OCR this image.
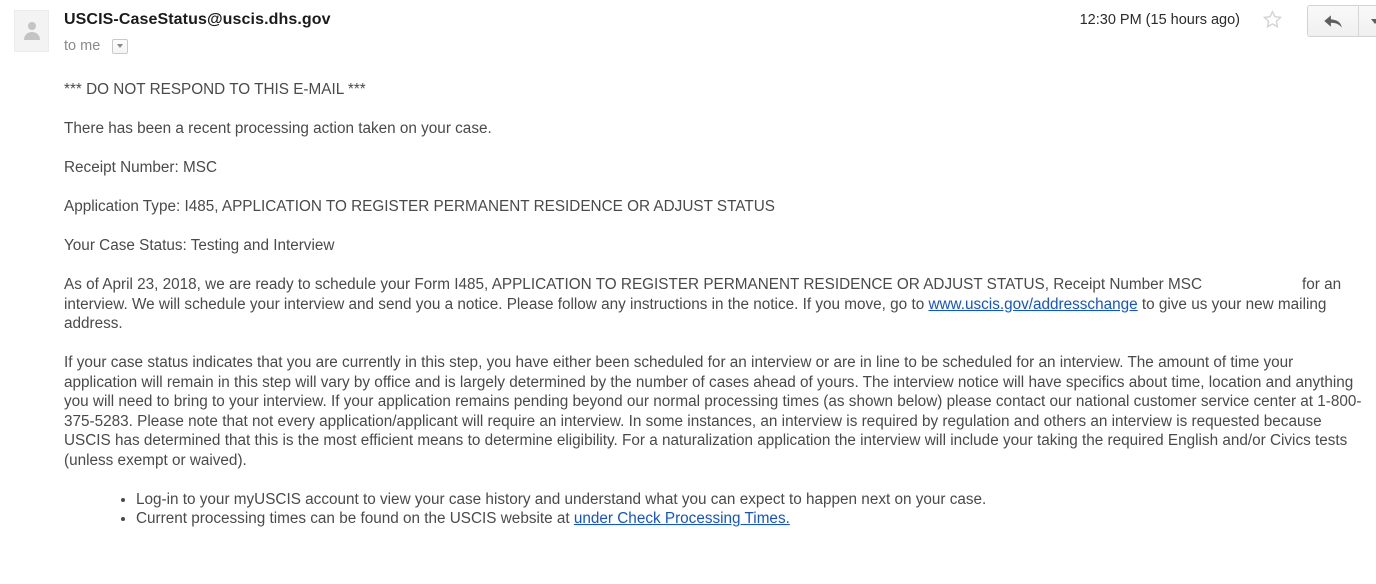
USCIS-CaseStatus@uscis.dhs.gov
to me
12:30 PM (15 hours ago)

*** DO NOT RESPOND TO THIS E-MAIL ***

There has been a recent processing action taken on your case.

Receipt Number: MSC

Application Type: I485, APPLICATION TO REGISTER PERMANENT RESIDENCE OR ADJUST STATUS

Your Case Status: Testing and Interview

As of April 23, 2018, we are ready to schedule your Form I485, APPLICATION TO REGISTER PERMANENT RESIDENCE OR ADJUST STATUS, Receipt Number MSC	for an interview. We will schedule your interview and send you a notice. Please follow any instructions in the notice. If you move, go to www.uscis.gov/addresschange to give us your new mailing address.

If your case status indicates that you are currently in this step, you have either been scheduled for an interview or are in line to be scheduled for an interview. The amount of time your application will remain in this step will vary by office and is largely determined by the number of cases ahead of yours. The interview notice will have specifics about time, location and anything you will need to bring to your interview. If your application remains pending beyond our normal processing times (as shown below) please contact our national customer service center at 1-800-375-5283. Please note that not every application/applicant will require an interview. In some instances, an interview is required by regulation and others an interview is requested because USCIS has determined that this is the most efficient means to determine eligibility. For a naturalization application the interview will include your taking the required English and/or Civics tests (unless exempt or waived).

• Log-in to your myUSCIS account to view your case history and understand what you can expect to happen next on your case.
• Current processing times can be found on the USCIS website at under Check Processing Times.
